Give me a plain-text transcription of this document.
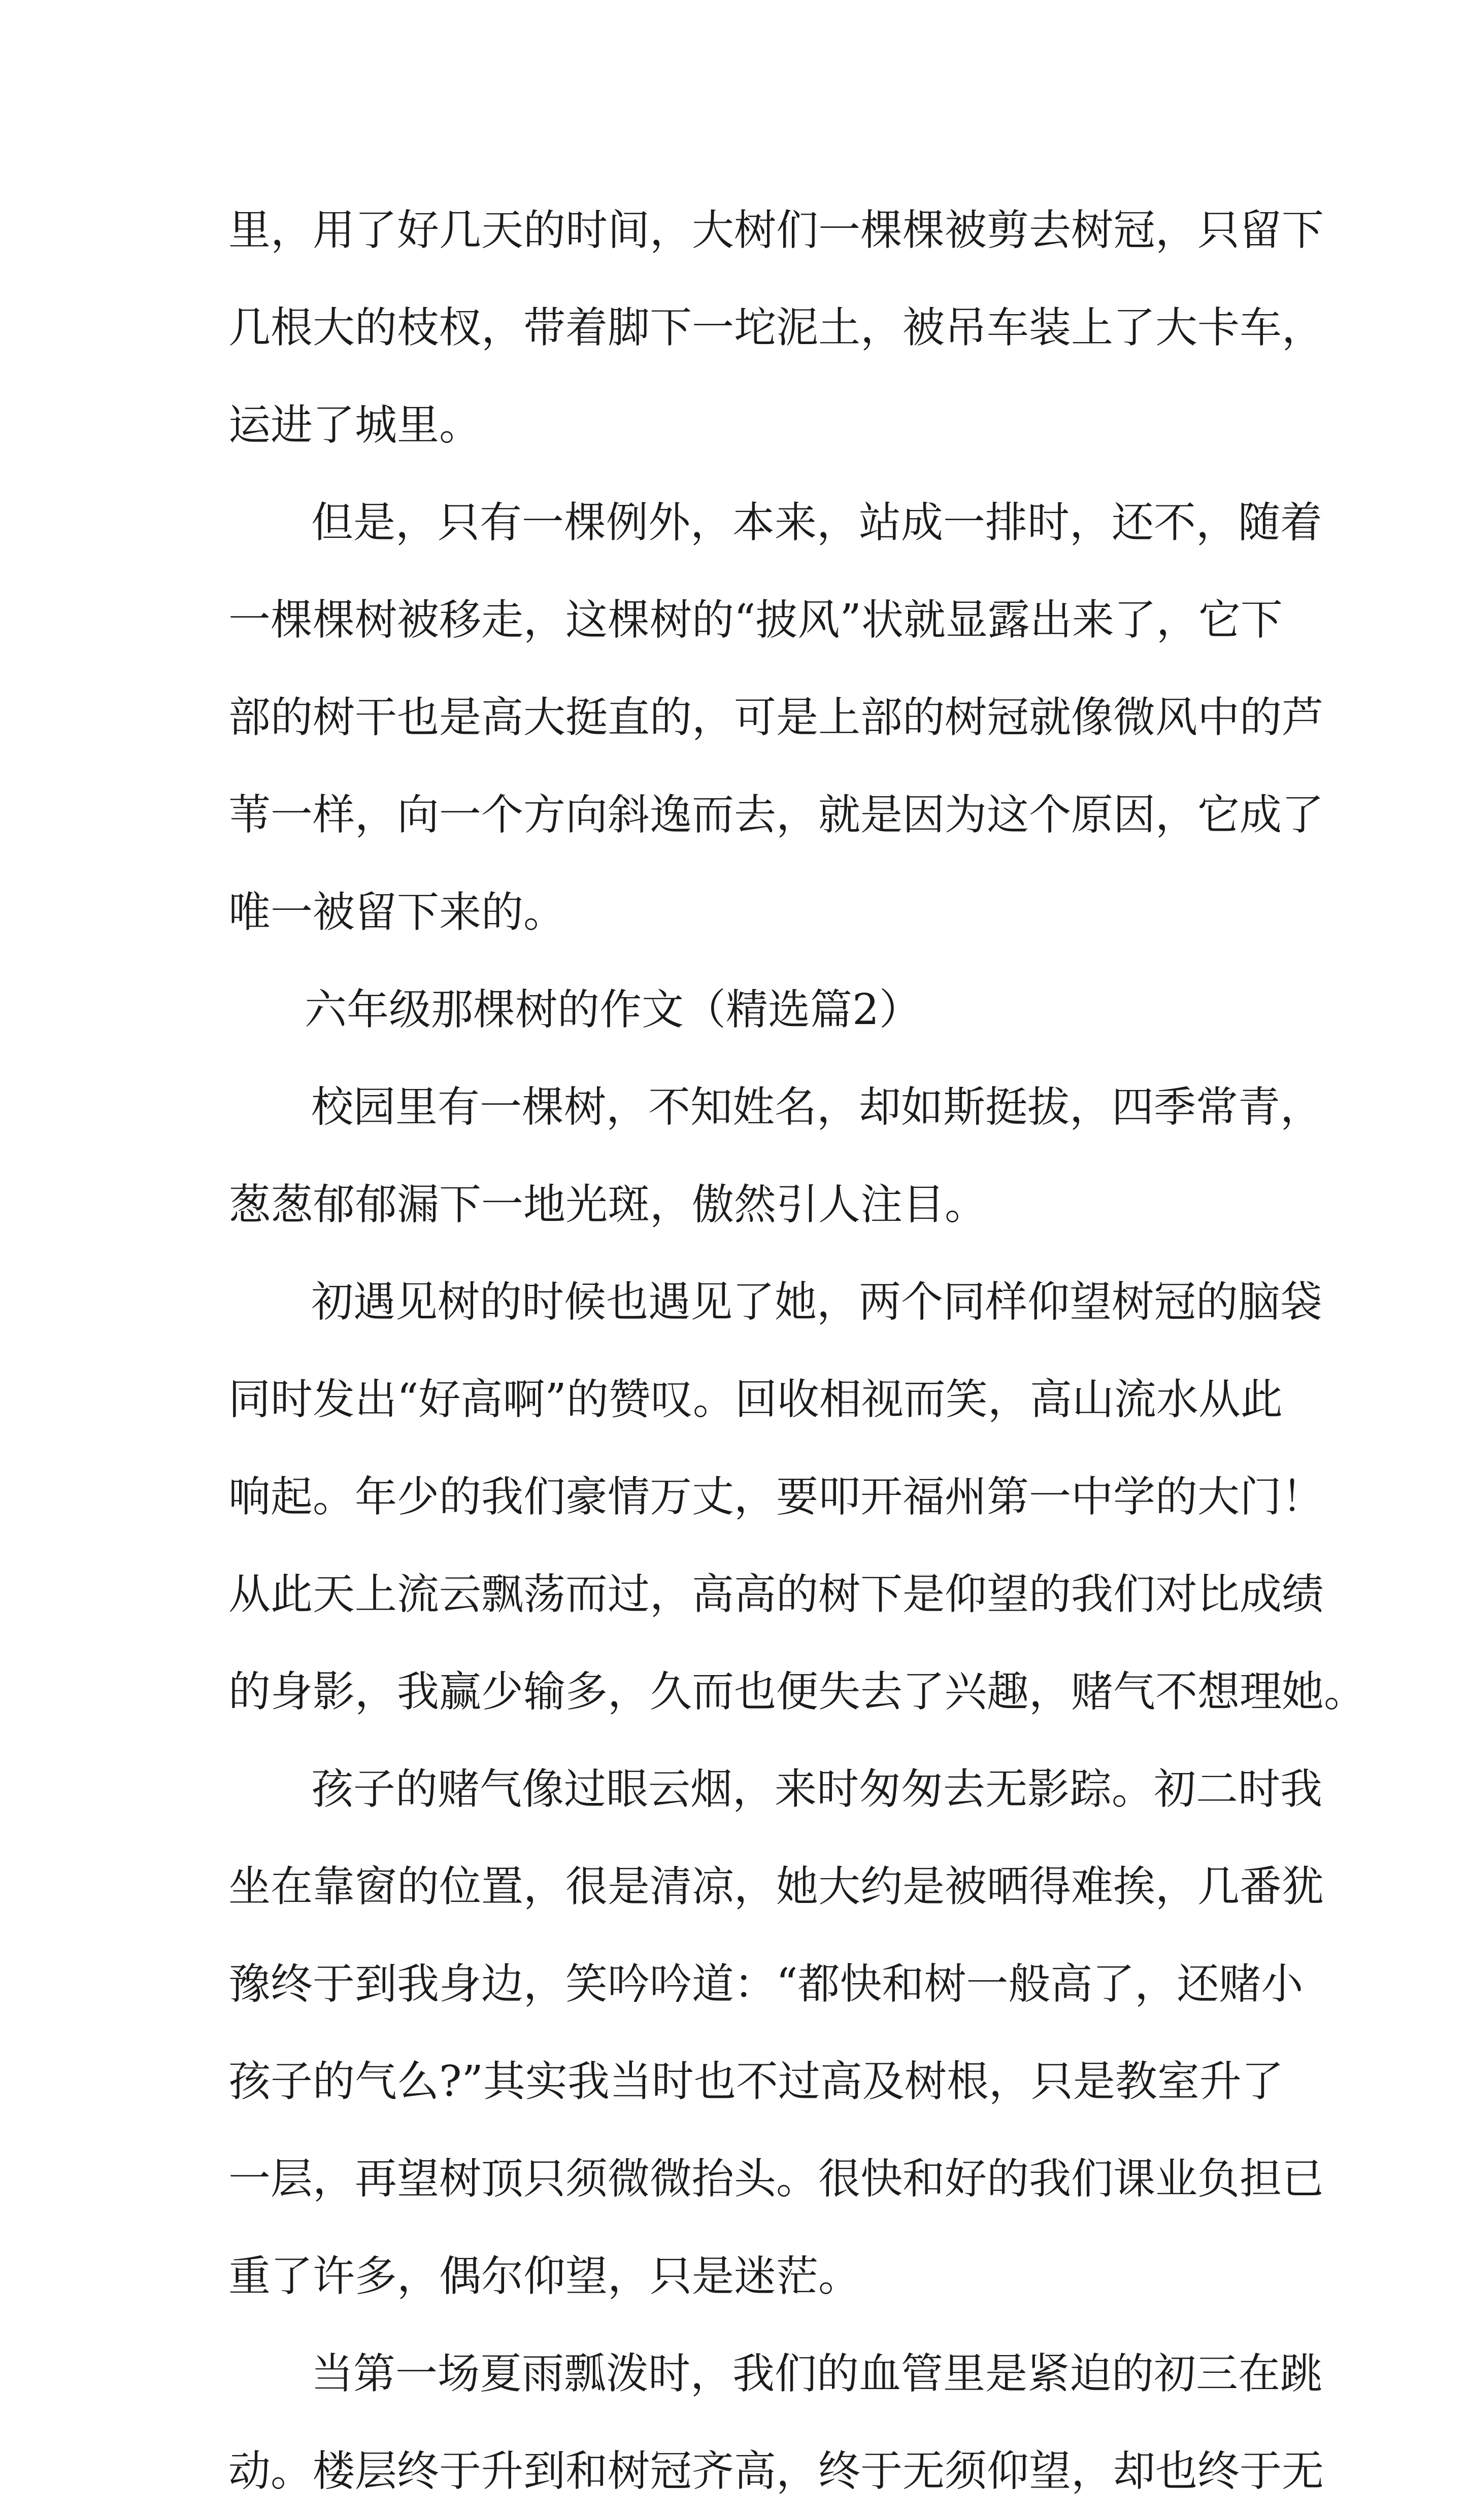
里，用了好几天的时间，大树们一棵棵被剪去树冠，只留下
几根大的枝杈，带着脚下一坨泥土，被吊车装上了大卡车，
运进了城里。
但是，只有一棵例外，本来，站成一排时，还不，随着
一棵棵树被移走，这棵树的“披风”状就显露出来了，它下
部的树干也是高大挺直的，可是上部的树冠就像微风中的芦
苇一样，向一个方向斜逸而去，就是因为这个原因，它成了
唯一被留下来的。
六年级那棵树的作文（精选篇2）
校园里有一棵树，不知姓名，却如斯挺拔，四季常青，
葱葱郁郁漏下一地光斑，傲然引人注目。
初遇见树的时候也遇见了她，两个同样仰望树冠的脑袋
同时发出“好高啊”的赞叹。回收相视而笑，高山流水从此
响起。年少的我们豪情万丈，要叩开福州第一中学的大门！
从此天上流云飘荡而过，高高的树下是仰望的我们对比成绩
的身影，我赢少输多，久而也便失去了兴趣，赌气不想理她。
孩子的赌气像过眼云烟，来时匆匆去无影踪。初二时我
坐在靠窗的位置，很是清凉，她大约是被晒得难挨，几番犹
豫终于到我身边，笑吟吟道：“都快和树一般高了，还赌小
孩子的气么?”其实我当时也不过高及树根，只是教室升了
一层，再望树顶只须微微抬头。很快和好的我们课业负担已
重了许多，偶尔仰望，只是迷茫。
当第一场夏雨瓢泼时，我们的血管里是紧迫的初三在跳
动。楼层终于升到和树冠齐高，终于无须仰望，却也终于无
